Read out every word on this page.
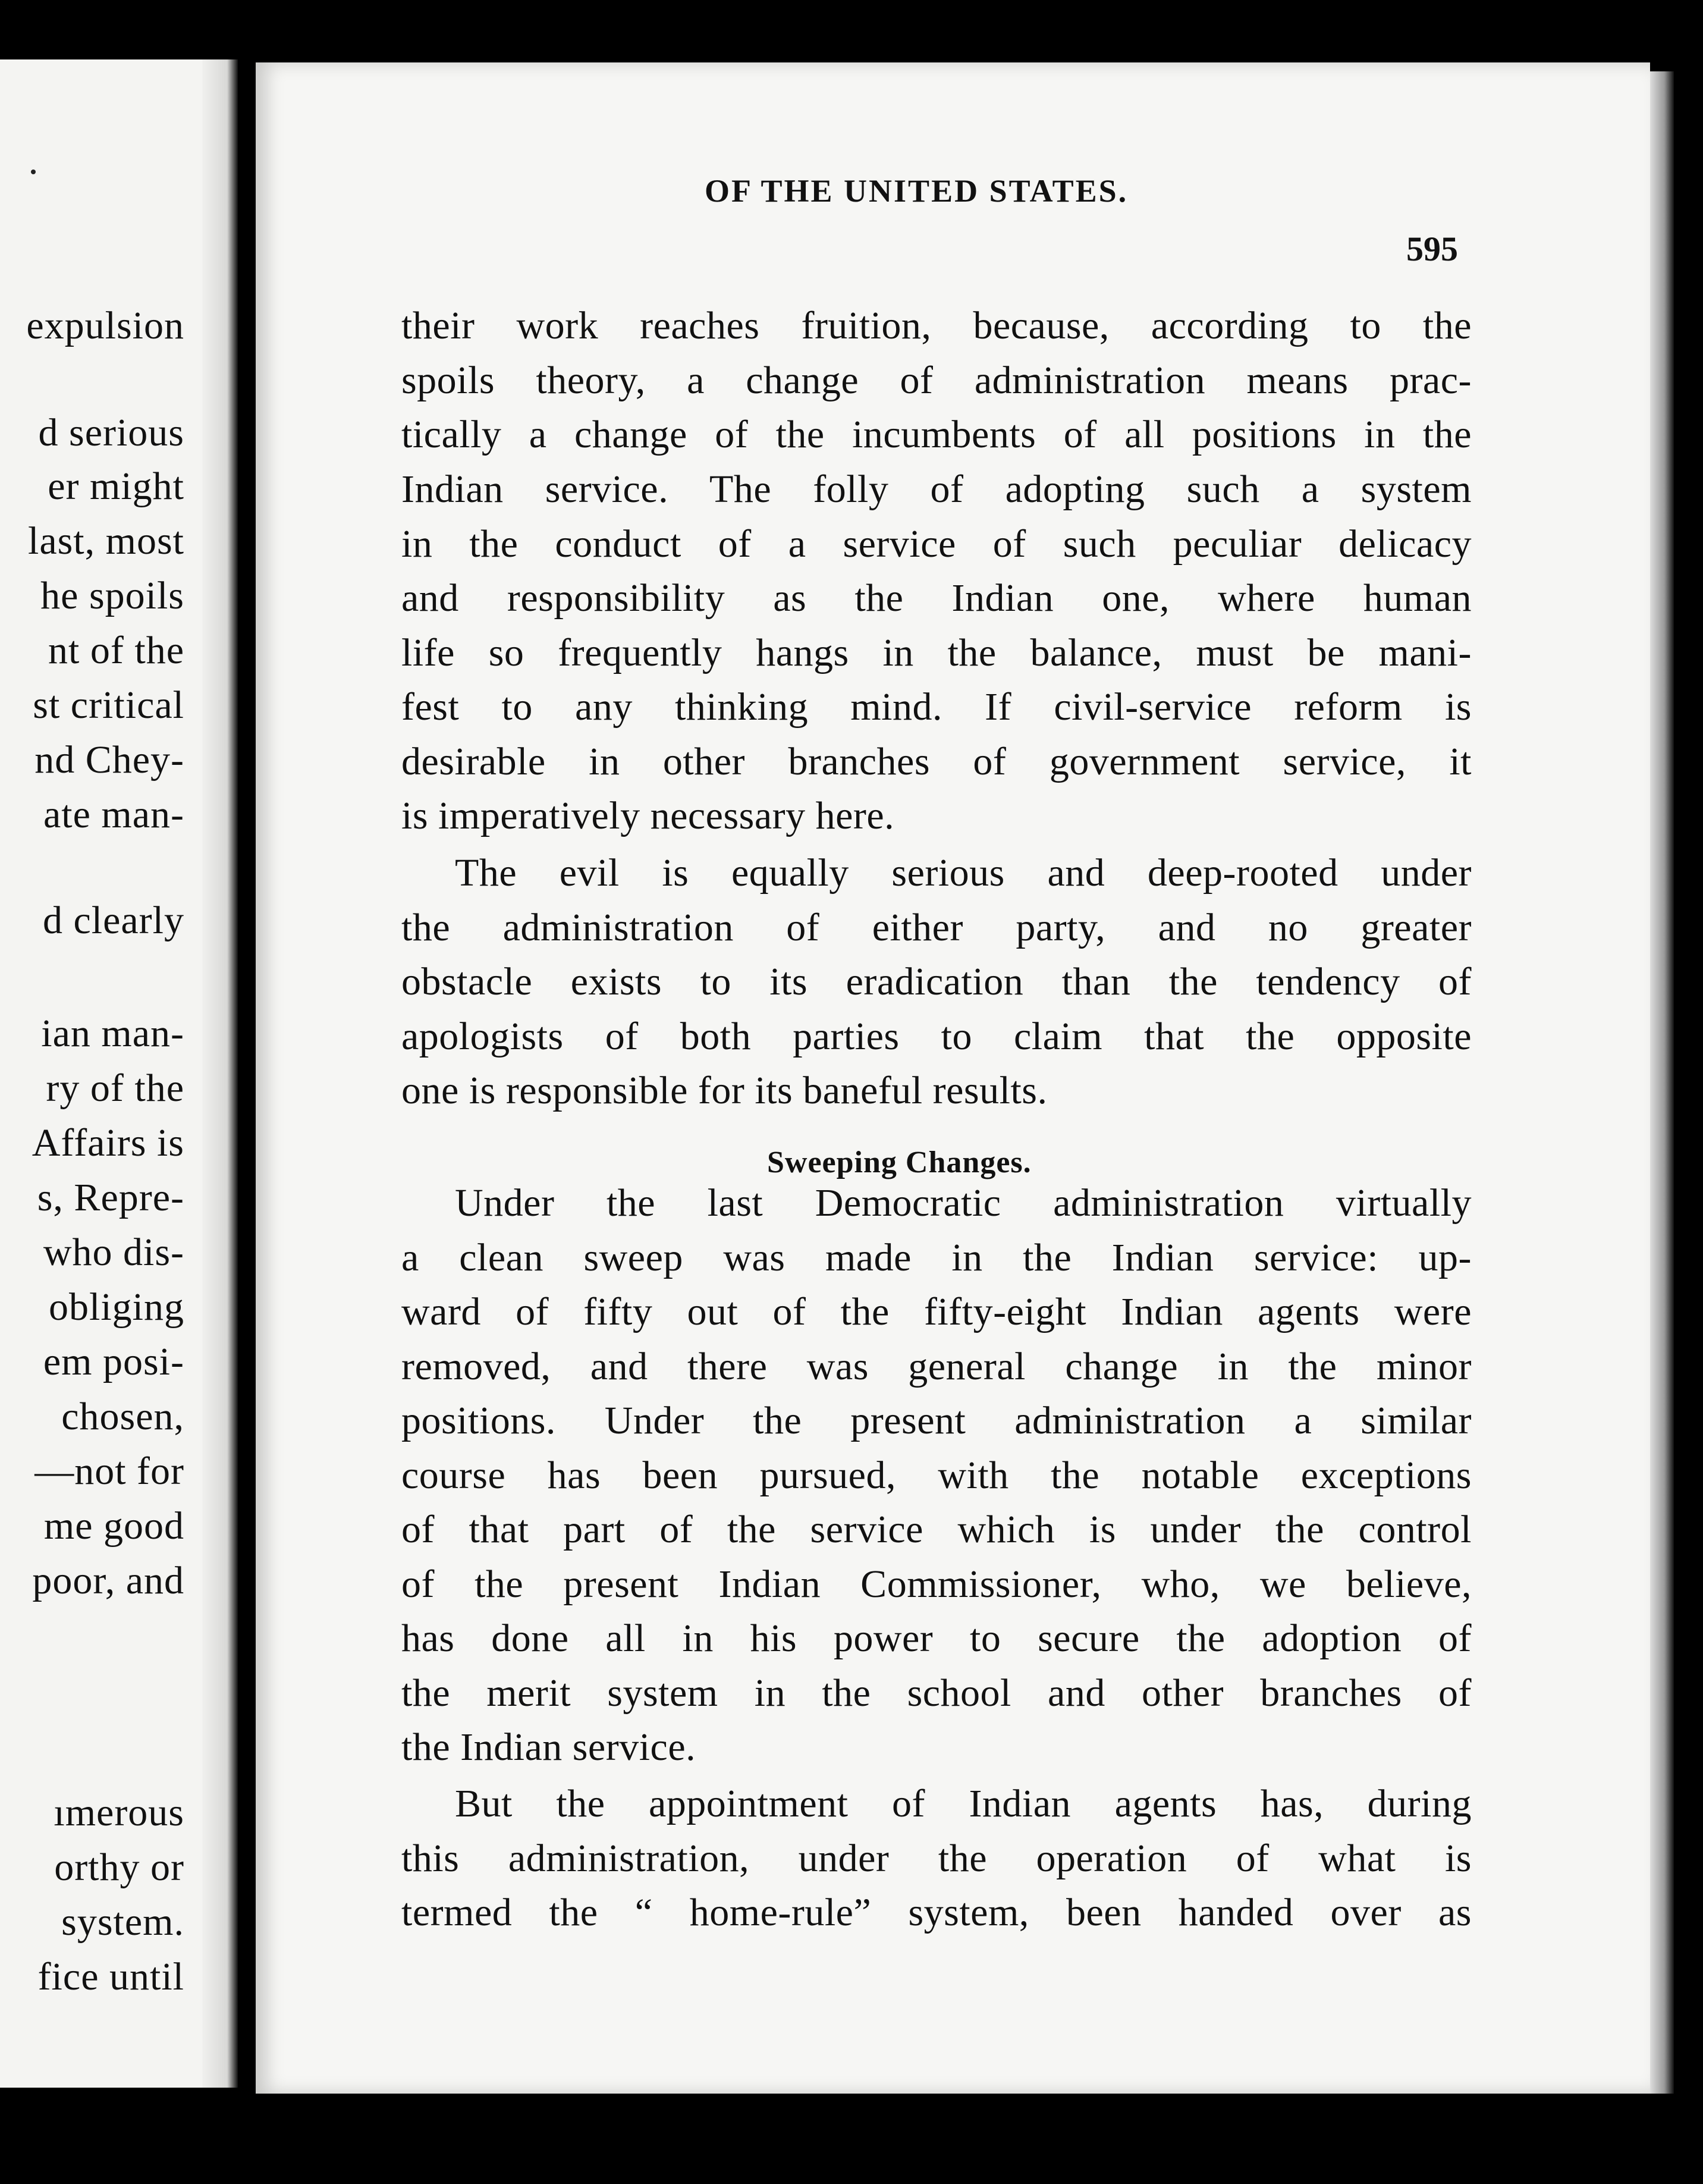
expulsion
d serious
er might
last, most
he spoils
nt of the
st critical
nd Chey-
ate man-
d clearly
ian man-
ry of the
Affairs is
s, Repre-
who dis-
obliging
em posi-
chosen,
—not for
me good
poor, and
ımerous
orthy or
system.
fice until
OF THE UNITED STATES.
595
their work reaches fruition, because, according to the
spoils theory, a change of administration means prac-
tically a change of the incumbents of all positions in the
Indian service. The folly of adopting such a system
in the conduct of a service of such peculiar delicacy
and responsibility as the Indian one, where human
life so frequently hangs in the balance, must be mani-
fest to any thinking mind. If civil-service reform is
desirable in other branches of government service, it
is imperatively necessary here.
The evil is equally serious and deep-rooted under
the administration of either party, and no greater
obstacle exists to its eradication than the tendency of
apologists of both parties to claim that the opposite
one is responsible for its baneful results.
Under the last Democratic administration virtually
a clean sweep was made in the Indian service: up-
ward of fifty out of the fifty-eight Indian agents were
removed, and there was general change in the minor
positions. Under the present administration a similar
course has been pursued, with the notable exceptions
of that part of the service which is under the control
of the present Indian Commissioner, who, we believe,
has done all in his power to secure the adoption of
the merit system in the school and other branches of
the Indian service.
But the appointment of Indian agents has, during
this administration, under the operation of what is
termed the “ home-rule” system, been handed over as
Sweeping Changes.
